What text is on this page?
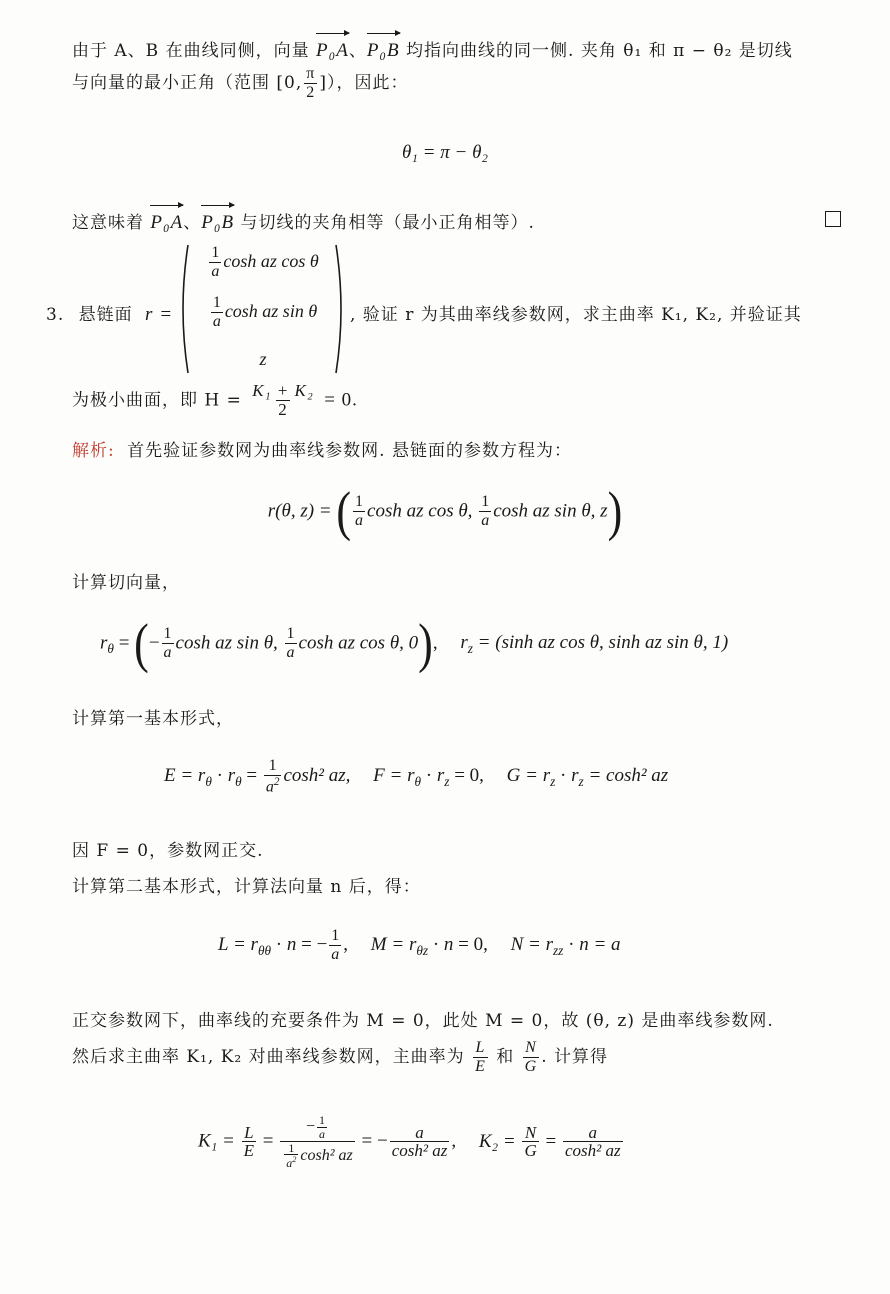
由于 A、B 在曲线同侧，向量 P₀A
、P₀B 均指向曲线的同一侧. 夹角 θ₁ 和 π − θ₂ 是切线
与向量的最小正角（范围 [0, $\frac{\pi}{2}$ ]），因此：
θ₁ = π − θ₂
这意味着 P₀A
、P₀B 与切线的夹角相等（最小正角相等）.
3. 悬链面 r =
$\frac{1}{a}$ cosh az cos θ
$\frac{1}{a}$ cosh az sin θ
z
, 验证 r 为其曲率线参数网，求主曲率 K₁, K₂, 并验证其
为极小曲面，即 $H = \frac{\text{K₁ + K₂}}{2} = 0$.
解析: 首先验证参数网为曲率线参数网. 悬链面的参数方程为：
r(θ, z) = ( $\frac{1}{a}$ cosh az cos θ, $\frac{1}{a}$ cosh az sin θ, z)
计算切向量，
$r_\theta$ = (− $\frac{1}{a}$ cosh az sin θ, $\frac{1}{a}$ cosh az cos θ, 0), $r_z = (\sinh$ az cos θ, sinh az sin θ, 1)
计算第一基本形式，
$E = r_\theta \cdot r_\theta = \frac{1}{a^2} \cosh^2$ az, $F = r_\theta \cdot r_z = 0$, $G = r_z \cdot r_z = \cosh^2$ az
因 F = 0，参数网正交.
计算第二基本形式，计算法向量 n 后，得：
$L = r_{\theta\theta} \cdot n$ = − $\frac{1}{a}$ , $M = r_{\theta z} \cdot n = 0$, $N = r_{zz} \cdot n = a$
正交参数网下，曲率线的充要条件为 M = 0，此处 M = 0，故 (θ, z) 是曲率线参数网.
然后求主曲率 K₁, K₂ 对曲率线参数网，主曲率为 $\frac{L}{E}$ 和 $\frac{N}{G}$ . 计算得
$K_1 = \frac{L}{E} = \frac{- \frac{1}{a}}{\frac{1}{a^2} \cosh^2 az}$ = − $\frac{a}{\text{cosh² az}}$ , $K_2 = \frac{N}{G} = \frac{a}{\text{cosh² az}}$
